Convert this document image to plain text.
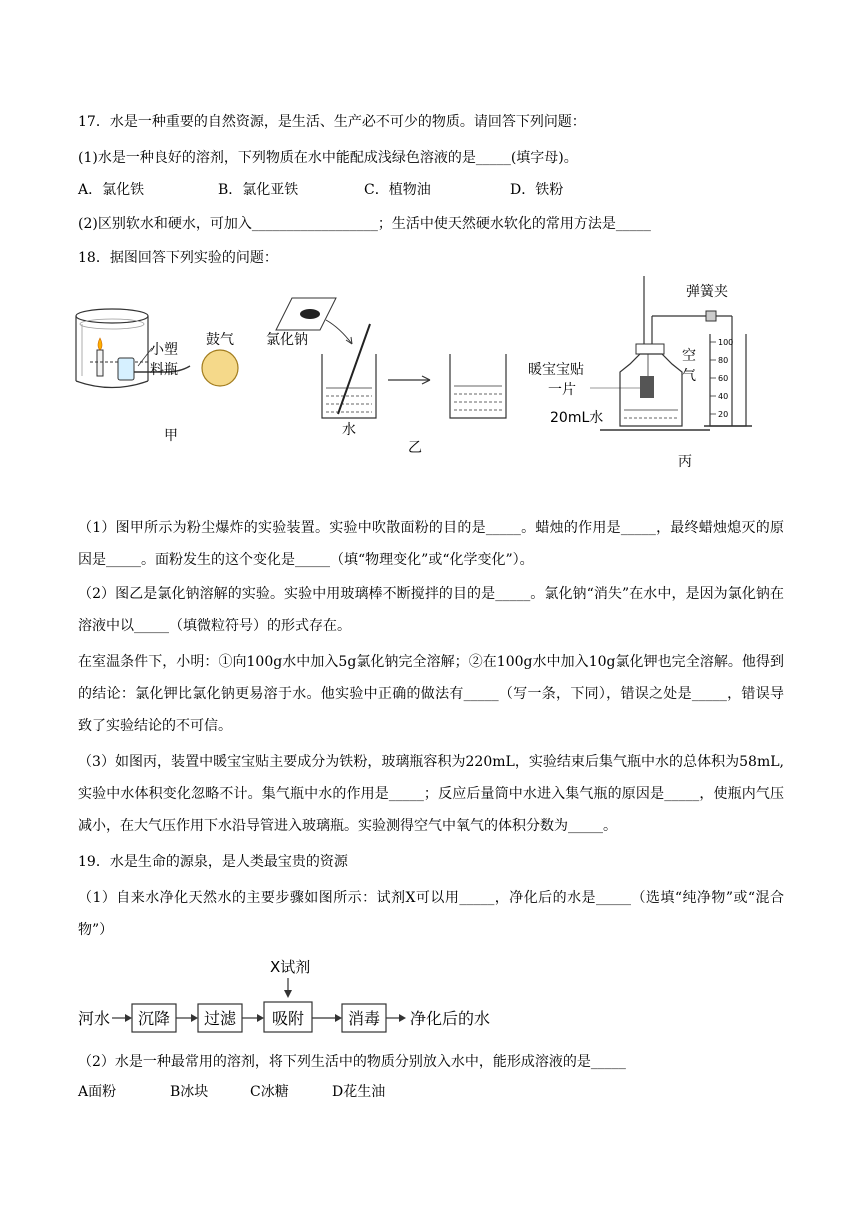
17．水是一种重要的自然资源，是生活、生产必不可少的物质。请回答下列问题：
(1)水是一种良好的溶剂，下列物质在水中能配成浅绿色溶液的是_____(填字母)。
A．氯化铁	B．氯化亚铁	C．植物油	D．铁粉
(2)区别软水和硬水，可加入__________________；生活中使天然硬水软化的常用方法是_____
18．据图回答下列实验的问题：
小塑
料瓶
鼓气
甲
氯化钠
水
乙
弹簧夹
暖宝宝贴
一片
20mL水
空
气
100
80
60
40
20
丙
（1）图甲所示为粉尘爆炸的实验装置。实验中吹散面粉的目的是_____。蜡烛的作用是_____，最终蜡烛熄灭的原因是_____。面粉发生的这个变化是_____（填“物理变化”或“化学变化”）。
（2）图乙是氯化钠溶解的实验。实验中用玻璃棒不断搅拌的目的是_____。氯化钠“消失”在水中，是因为氯化钠在溶液中以_____（填微粒符号）的形式存在。
在室温条件下，小明：①向100g水中加入5g氯化钠完全溶解；②在100g水中加入10g氯化钾也完全溶解。他得到的结论：氯化钾比氯化钠更易溶于水。他实验中正确的做法有_____（写一条，下同），错误之处是_____，错误导致了实验结论的不可信。
（3）如图丙，装置中暖宝宝贴主要成分为铁粉，玻璃瓶容积为220mL，实验结束后集气瓶中水的总体积为58mL,实验中水体积变化忽略不计。集气瓶中水的作用是_____；反应后量筒中水进入集气瓶的原因是_____，使瓶内气压减小，在大气压作用下水沿导管进入玻璃瓶。实验测得空气中氧气的体积分数为_____。
19．水是生命的源泉，是人类最宝贵的资源
（1）自来水净化天然水的主要步骤如图所示：试剂X可以用_____，净化后的水是_____（选填“纯净物”或“混合物”）
X试剂
河水 沉降 过滤 吸附	消毒 净化后的水
（2）水是一种最常用的溶剂，将下列生活中的物质分别放入水中，能形成溶液的是_____
A面粉	B冰块	C冰糖	D花生油
